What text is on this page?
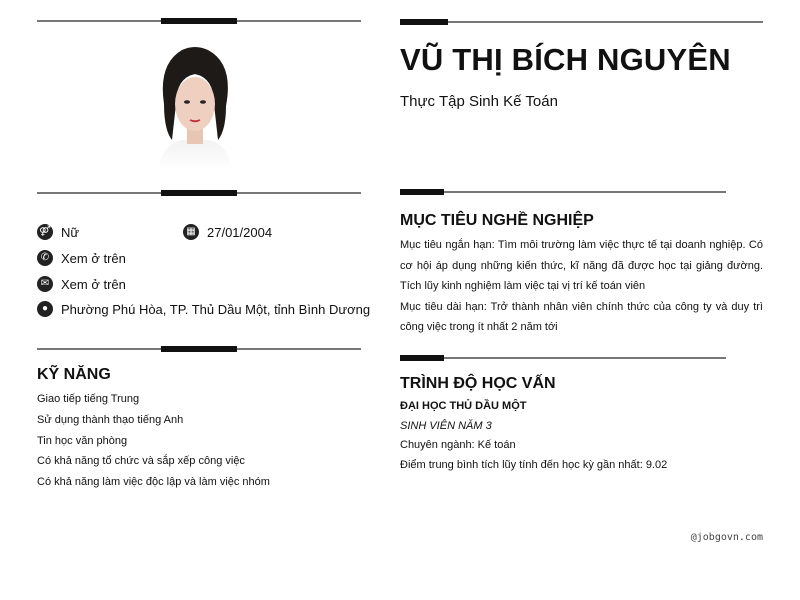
⚤ Nữ	▦ 27/01/2004
✆ Xem ở trên
✉ Xem ở trên
● Phường Phú Hòa, TP. Thủ Dầu Một, tỉnh Bình Dương
KỸ NĂNG
Giao tiếp tiếng Trung
Sử dụng thành thạo tiếng Anh
Tin học văn phòng
Có khả năng tổ chức và sắp xếp công việc
Có khả năng làm việc độc lập và làm việc nhóm
VŨ THỊ BÍCH NGUYÊN
Thực Tập Sinh Kế Toán
MỤC TIÊU NGHỀ NGHIỆP

Mục tiêu ngắn hạn: Tìm môi trường làm việc thực tế tại doanh nghiệp. Có cơ hội áp dụng những kiến thức, kĩ năng đã được học tại giảng đường. Tích lũy kinh nghiệm làm việc tại vị trí kế toán viên

Mục tiêu dài hạn: Trở thành nhân viên chính thức của công ty và duy trì công việc trong ít nhất 2 năm tới

TRÌNH ĐỘ HỌC VẤN
ĐẠI HỌC THỦ DẦU MỘT
SINH VIÊN NĂM 3
Chuyên ngành: Kế toán
Điểm trung bình tích lũy tính đến học kỳ gần nhất: 9.02
@jobgovn.com
